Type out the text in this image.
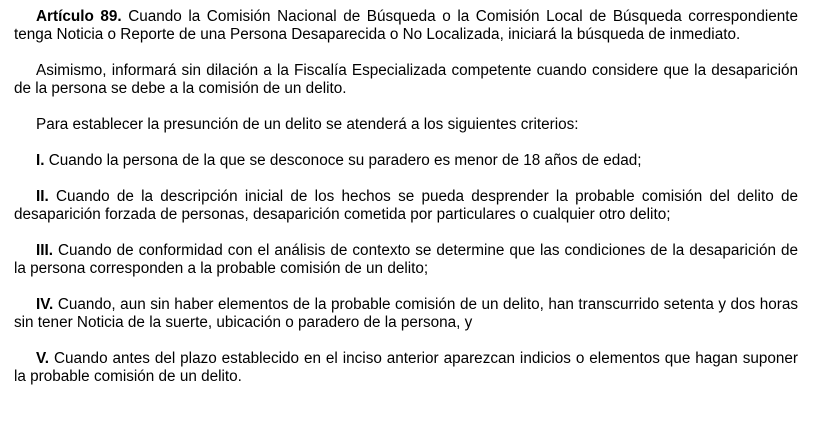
Artículo 89. Cuando la Comisión Nacional de Búsqueda o la Comisión Local de Búsqueda correspondiente tenga Noticia o Reporte de una Persona Desaparecida o No Localizada, iniciará la búsqueda de inmediato.

Asimismo, informará sin dilación a la Fiscalía Especializada competente cuando considere que la desaparición de la persona se debe a la comisión de un delito.

Para establecer la presunción de un delito se atenderá a los siguientes criterios:

I. Cuando la persona de la que se desconoce su paradero es menor de 18 años de edad;

II. Cuando de la descripción inicial de los hechos se pueda desprender la probable comisión del delito de desaparición forzada de personas, desaparición cometida por particulares o cualquier otro delito;

III. Cuando de conformidad con el análisis de contexto se determine que las condiciones de la desaparición de la persona corresponden a la probable comisión de un delito;

IV. Cuando, aun sin haber elementos de la probable comisión de un delito, han transcurrido setenta y dos horas sin tener Noticia de la suerte, ubicación o paradero de la persona, y

V. Cuando antes del plazo establecido en el inciso anterior aparezcan indicios o elementos que hagan suponer la probable comisión de un delito.
